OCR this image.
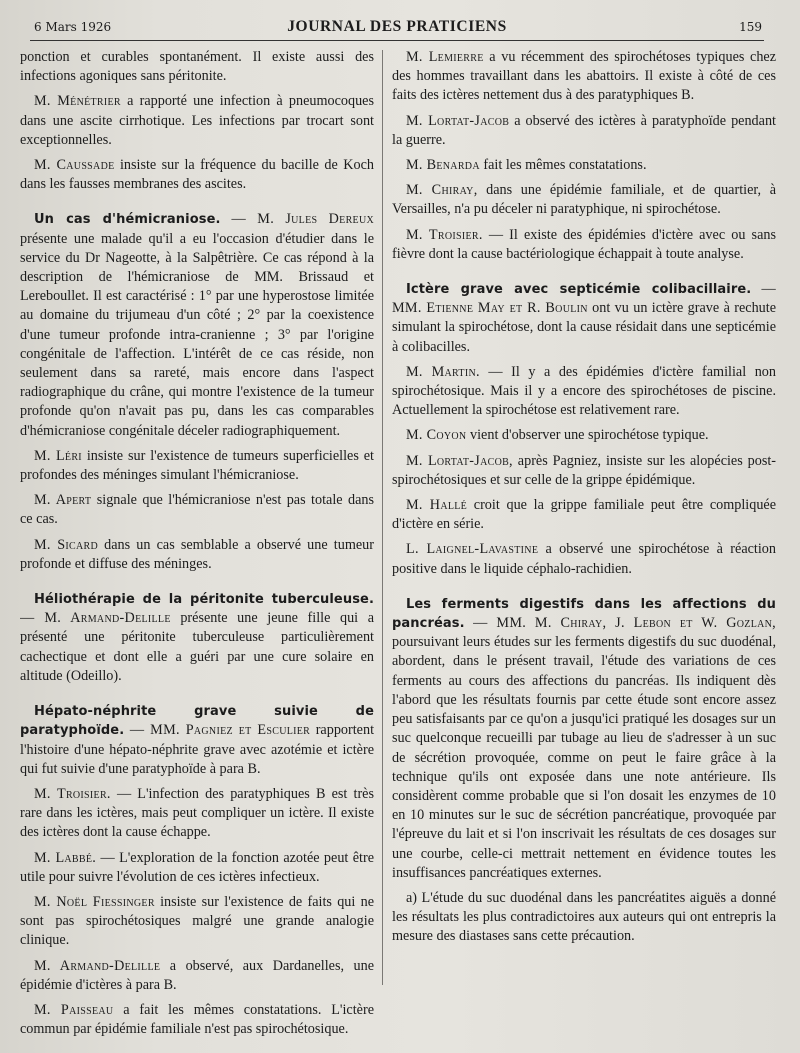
6 Mars 1926	JOURNAL DES PRATICIENS	159

ponction et curables spontanément. Il existe aussi des infections agoniques sans péritonite.

M. Ménétrier a rapporté une infection à pneumocoques dans une ascite cirrhotique. Les infections par trocart sont exceptionnelles.

M. Caussade insiste sur la fréquence du bacille de Koch dans les fausses membranes des ascites.

Un cas d'hémicraniose. — M. Jules Dereux présente une malade qu'il a eu l'occasion d'étudier dans le service du Dr Nageotte, à la Salpêtrière. Ce cas répond à la description de l'hémicraniose de MM. Brissaud et Lereboullet. Il est caractérisé : 1° par une hyperostose limitée au domaine du trijumeau d'un côté ; 2° par la coexistence d'une tumeur profonde intra-cranienne ; 3° par l'origine congénitale de l'affection. L'intérêt de ce cas réside, non seulement dans sa rareté, mais encore dans l'aspect radiographique du crâne, qui montre l'existence de la tumeur profonde qu'on n'avait pas pu, dans les cas comparables d'hémicraniose congénitale déceler radiographiquement.

M. Léri insiste sur l'existence de tumeurs superficielles et profondes des méninges simulant l'hémicraniose.

M. Apert signale que l'hémicraniose n'est pas totale dans ce cas.

M. Sicard dans un cas semblable a observé une tumeur profonde et diffuse des méninges.

Héliothérapie de la péritonite tuberculeuse. — M. Armand-Delille présente une jeune fille qui a présenté une péritonite tuberculeuse particulièrement cachectique et dont elle a guéri par une cure solaire en altitude (Odeillo).

Hépato-néphrite grave suivie de paratyphoïde. — MM. Pagniez et Esculier rapportent l'histoire d'une hépato-néphrite grave avec azotémie et ictère qui fut suivie d'une paratyphoïde à para B.

M. Troisier. — L'infection des paratyphiques B est très rare dans les ictères, mais peut compliquer un ictère. Il existe des ictères dont la cause échappe.

M. Labbé. — L'exploration de la fonction azotée peut être utile pour suivre l'évolution de ces ictères infectieux.

M. Noël Fiessinger insiste sur l'existence de faits qui ne sont pas spirochétosiques malgré une grande analogie clinique.

M. Armand-Delille a observé, aux Dardanelles, une épidémie d'ictères à para B.

M. Paisseau a fait les mêmes constatations. L'ictère commun par épidémie familiale n'est pas spirochétosique.

M. Lemierre a vu récemment des spirochétoses typiques chez des hommes travaillant dans les abattoirs. Il existe à côté de ces faits des ictères nettement dus à des paratyphiques B.

M. Lortat-Jacob a observé des ictères à paratyphoïde pendant la guerre.

M. Benarda fait les mêmes constatations.

M. Chiray, dans une épidémie familiale, et de quartier, à Versailles, n'a pu déceler ni paratyphique, ni spirochétose.

M. Troisier. — Il existe des épidémies d'ictère avec ou sans fièvre dont la cause bactériologique échappait à toute analyse.

Ictère grave avec septicémie colibacillaire. — MM. Etienne May et R. Boulin ont vu un ictère grave à rechute simulant la spirochétose, dont la cause résidait dans une septicémie à colibacilles.

M. Martin. — Il y a des épidémies d'ictère familial non spirochétosique. Mais il y a encore des spirochétoses de piscine. Actuellement la spirochétose est relativement rare.

M. Coyon vient d'observer une spirochétose typique.

M. Lortat-Jacob, après Pagniez, insiste sur les alopécies post-spirochétosiques et sur celle de la grippe épidémique.

M. Hallé croit que la grippe familiale peut être compliquée d'ictère en série.

L. Laignel-Lavastine a observé une spirochétose à réaction positive dans le liquide céphalo-rachidien.

Les ferments digestifs dans les affections du pancréas. — MM. M. Chiray, J. Lebon et W. Gozlan, poursuivant leurs études sur les ferments digestifs du suc duodénal, abordent, dans le présent travail, l'étude des variations de ces ferments au cours des affections du pancréas. Ils indiquent dès l'abord que les résultats fournis par cette étude sont encore assez peu satisfaisants par ce qu'on a jusqu'ici pratiqué les dosages sur un suc quelconque recueilli par tubage au lieu de s'adresser à un suc de sécrétion provoquée, comme on peut le faire grâce à la technique qu'ils ont exposée dans une note antérieure. Ils considèrent comme probable que si l'on dosait les enzymes de 10 en 10 minutes sur le suc de sécrétion pancréatique, provoquée par l'épreuve du lait et si l'on inscrivait les résultats de ces dosages sur une courbe, celle-ci mettrait nettement en évidence toutes les insuffisances pancréatiques externes.

a) L'étude du suc duodénal dans les pancréatites aiguës a donné les résultats les plus contradictoires aux auteurs qui ont entrepris la mesure des diastases sans cette précaution.
